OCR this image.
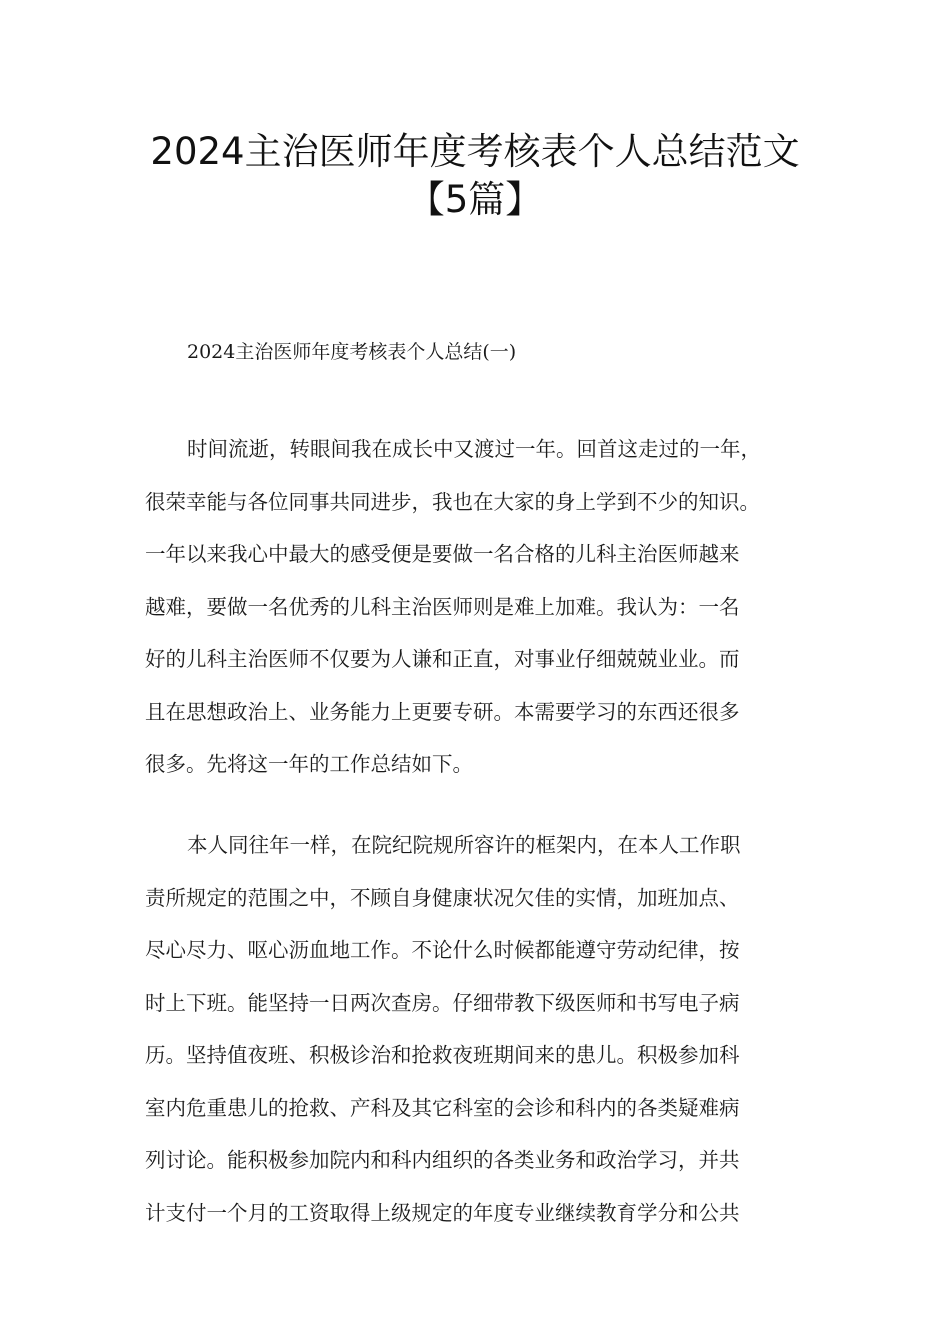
2024主治医师年度考核表个人总结范文
【5篇】
2024主治医师年度考核表个人总结(一)
时间流逝，转眼间我在成长中又渡过一年。回首这走过的一年，
很荣幸能与各位同事共同进步，我也在大家的身上学到不少的知识。
一年以来我心中最大的感受便是要做一名合格的儿科主治医师越来
越难，要做一名优秀的儿科主治医师则是难上加难。我认为：一名
好的儿科主治医师不仅要为人谦和正直，对事业仔细兢兢业业。而
且在思想政治上、业务能力上更要专研。本需要学习的东西还很多
很多。先将这一年的工作总结如下。
本人同往年一样，在院纪院规所容许的框架内，在本人工作职
责所规定的范围之中，不顾自身健康状况欠佳的实情，加班加点、
尽心尽力、呕心沥血地工作。不论什么时候都能遵守劳动纪律，按
时上下班。能坚持一日两次查房。仔细带教下级医师和书写电子病
历。坚持值夜班、积极诊治和抢救夜班期间来的患儿。积极参加科
室内危重患儿的抢救、产科及其它科室的会诊和科内的各类疑难病
列讨论。能积极参加院内和科内组织的各类业务和政治学习，并共
计支付一个月的工资取得上级规定的年度专业继续教育学分和公共
